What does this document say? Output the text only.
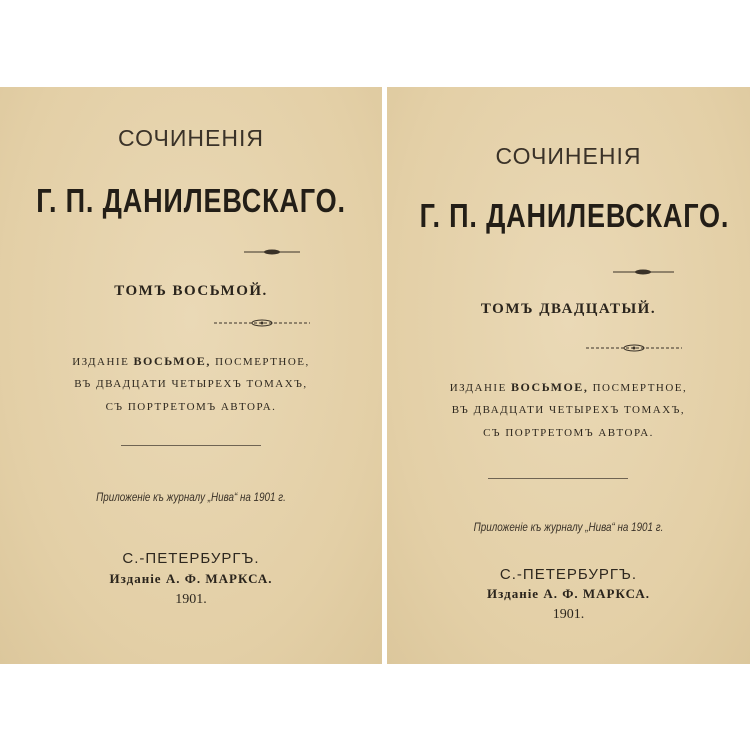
СОЧИНЕНІЯ

Г. П. ДАНИЛЕВСКАГО.

ТОМЪ ВОСЬМОЙ.

ИЗДАНІЕ ВОСЬМОЕ, ПОСМЕРТНОЕ,

ВЪ ДВАДЦАТИ ЧЕТЫРЕХЪ ТОМАХЪ,

СЪ ПОРТРЕТОМЪ АВТОРА.

Приложеніе къ журналу „Нива“ на 1901 г.

С.-ПЕТЕРБУРГЪ.

Изданіе А. Ф. МАРКСА.

1901.

СОЧИНЕНІЯ

Г. П. ДАНИЛЕВСКАГО.

ТОМЪ ДВАДЦАТЫЙ.

ИЗДАНІЕ ВОСЬМОЕ, ПОСМЕРТНОЕ,

ВЪ ДВАДЦАТИ ЧЕТЫРЕХЪ ТОМАХЪ,

СЪ ПОРТРЕТОМЪ АВТОРА.

Приложеніе къ журналу „Нива“ на 1901 г.

С.-ПЕТЕРБУРГЪ.

Изданіе А. Ф. МАРКСА.

1901.
